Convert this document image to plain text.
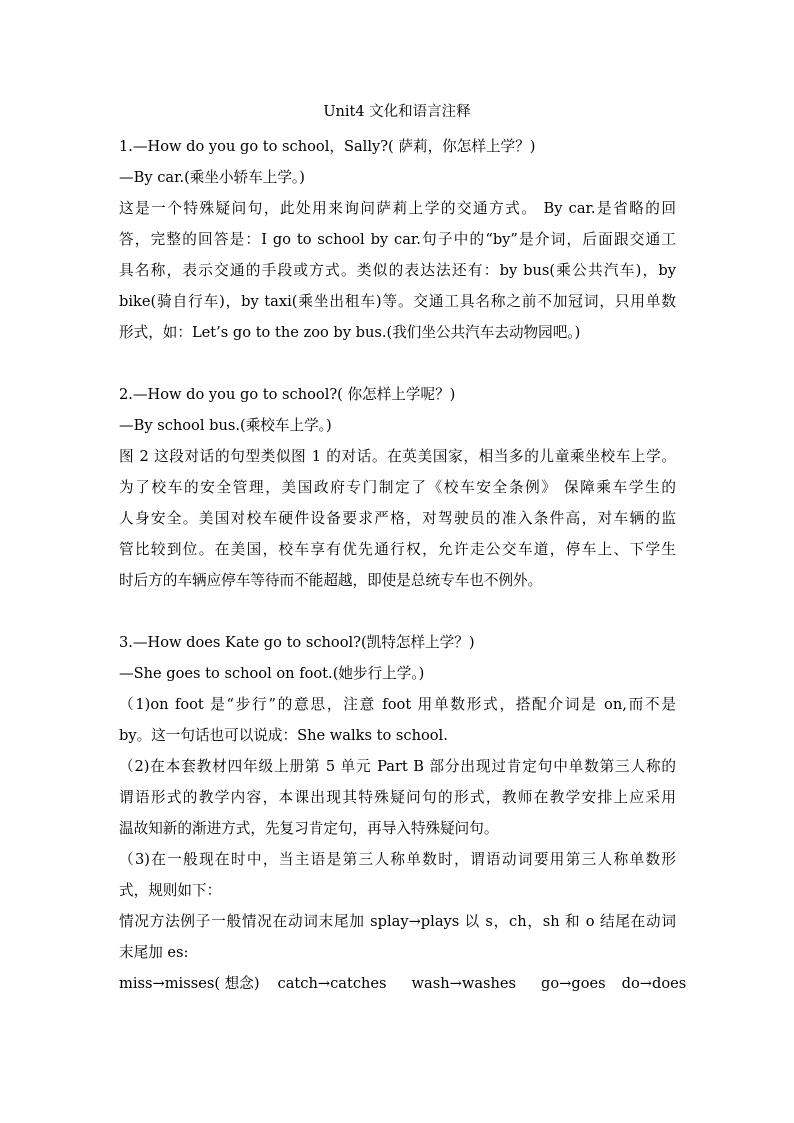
Unit4 文化和语言注释
1.—How do you go to school，Sally?( 萨莉，你怎样上学？)
—By car.(乘坐小轿车上学。)
这是一个特殊疑问句，此处用来询问萨莉上学的交通方式。 By car.是省略的回
答，完整的回答是：I go to school by car.句子中的“by”是介词，后面跟交通工
具名称，表示交通的手段或方式。类似的表达法还有：by bus(乘公共汽车)，by
bike(骑自行车)，by taxi(乘坐出租车)等。交通工具名称之前不加冠词，只用单数
形式，如：Let’s go to the zoo by bus.(我们坐公共汽车去动物园吧。)
2.—How do you go to school?( 你怎样上学呢？)
—By school bus.(乘校车上学。)
图 2 这段对话的句型类似图 1 的对话。在英美国家，相当多的儿童乘坐校车上学。
为了校车的安全管理，美国政府专门制定了《校车安全条例》 保障乘车学生的
人身安全。美国对校车硬件设备要求严格，对驾驶员的准入条件高，对车辆的监
管比较到位。在美国，校车享有优先通行权，允许走公交车道，停车上、下学生
时后方的车辆应停车等待而不能超越，即使是总统专车也不例外。
3.—How does Kate go to school?(凯特怎样上学？)
—She goes to school on foot.(她步行上学。)
（1)on foot 是“步行”的意思，注意 foot 用单数形式，搭配介词是 on,而不是
by。这一句话也可以说成：She walks to school.
（2)在本套教材四年级上册第 5 单元 Part B 部分出现过肯定句中单数第三人称的
谓语形式的教学内容，本课出现其特殊疑问句的形式，教师在教学安排上应采用
温故知新的渐进方式，先复习肯定句，再导入特殊疑问句。
（3)在一般现在时中，当主语是第三人称单数时，谓语动词要用第三人称单数形
式，规则如下：
情况方法例子一般情况在动词末尾加 splay→plays 以 s，ch，sh 和 o 结尾在动词
末尾加 es:
miss→misses( 想念) catch→catches wash→washes go→goes do→does
